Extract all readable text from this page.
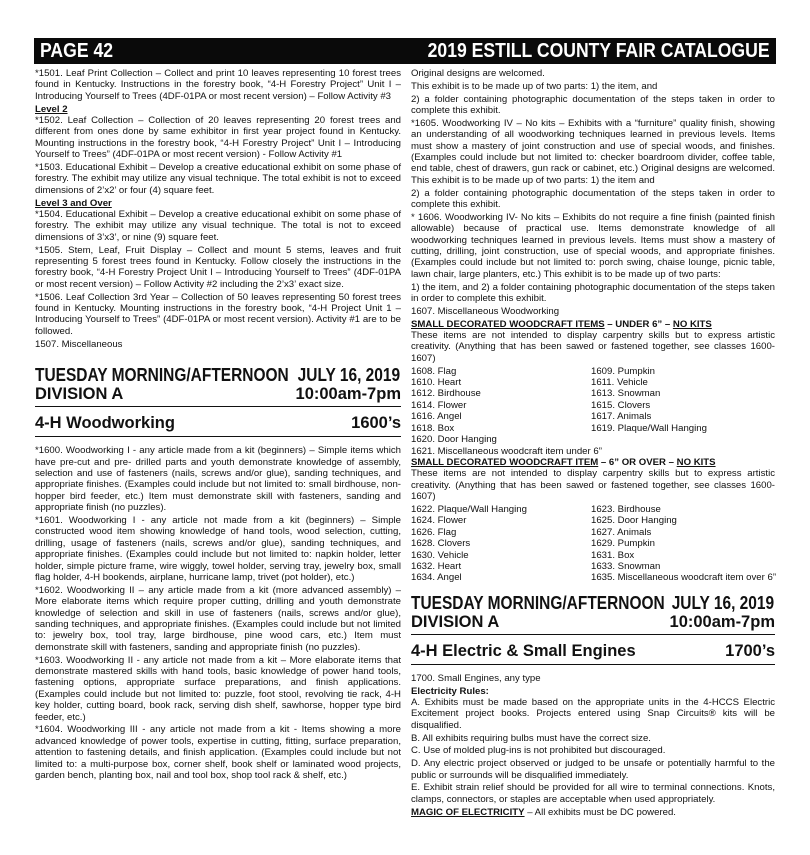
PAGE 42	2019 ESTILL COUNTY FAIR CATALOGUE

*1501. Leaf Print Collection – Collect and print 10 leaves representing 10 forest trees found in Kentucky. Instructions in the forestry book, “4-H Forestry Project” Unit I – Introducing Yourself to Trees (4DF-01PA or most recent version) – Follow Activity #3

Level 2

*1502. Leaf Collection – Collection of 20 leaves representing 20 forest trees and different from ones done by same exhibitor in first year project found in Kentucky. Mounting instructions in the forestry book, “4-H Forestry Project” Unit I – Introducing Yourself to Trees” (4DF-01PA or most recent version) - Follow Activity #1

*1503. Educational Exhibit – Develop a creative educational exhibit on some phase of forestry. The exhibit may utilize any visual technique. The total exhibit is not to exceed dimensions of 2’x2’ or four (4) square feet.

Level 3 and Over

*1504. Educational Exhibit – Develop a creative educational exhibit on some phase of forestry. The exhibit may utilize any visual technique. The total is not to exceed dimensions of 3’x3’, or nine (9) square feet.

*1505. Stem, Leaf, Fruit Display – Collect and mount 5 stems, leaves and fruit representing 5 forest trees found in Kentucky. Follow closely the instructions in the forestry book, “4-H Forestry Project Unit I – Introducing Yourself to Trees” (4DF-01PA or most recent version) – Follow Activity #2 including the 2’x3’ exact size.

*1506. Leaf Collection 3rd Year – Collection of 50 leaves representing 50 forest trees found in Kentucky. Mounting instructions in the forestry book, “4-H Project Unit 1 – Introducing Yourself to Trees” (4DF-01PA or most recent version). Activity #1 are to be followed.

1507. Miscellaneous

TUESDAY MORNING/AFTERNOON JULY 16, 2019
DIVISION A	10:00am-7pm
4-H Woodworking	1600’s

*1600. Woodworking I - any article made from a kit (beginners) – Simple items which have pre-cut and pre- drilled parts and youth demonstrate knowledge of assembly, selection and use of fasteners (nails, screws and/or glue), sanding techniques, and appropriate finishes. (Examples could include but not limited to: small birdhouse, non-hopper bird feeder, etc.) Item must demonstrate skill with fasteners, sanding and appropriate finish (no puzzles).

*1601. Woodworking I - any article not made from a kit (beginners) – Simple constructed wood item showing knowledge of hand tools, wood selection, cutting, drilling, usage of fasteners (nails, screws and/or glue), sanding techniques, and appropriate finishes. (Examples could include but not limited to: napkin holder, letter holder, simple picture frame, wire wiggly, towel holder, serving tray, jewelry box, small flag holder, 4-H bookends, airplane, hurricane lamp, trivet (pot holder), etc.)

*1602. Woodworking II – any article made from a kit (more advanced assembly) – More elaborate items which require proper cutting, drilling and youth demonstrate knowledge of selection and skill in use of fasteners (nails, screws and/or glue), sanding techniques, and appropriate finishes. (Examples could include but not limited to: jewelry box, tool tray, large birdhouse, pine wood cars, etc.) Item must demonstrate skill with fasteners, sanding and appropriate finish (no puzzles).

*1603. Woodworking II - any article not made from a kit – More elaborate items that demonstrate mastered skills with hand tools, basic knowledge of power hand tools, fastening options, appropriate surface preparations, and finish applications. (Examples could include but not limited to: puzzle, foot stool, revolving tie rack, 4-H key holder, cutting board, book rack, serving dish shelf, sawhorse, hopper type bird feeder, etc.)

*1604. Woodworking III - any article not made from a kit - Items showing a more advanced knowledge of power tools, expertise in cutting, fitting, surface preparation, attention to fastening details, and finish application. (Examples could include but not limited to: a multi-purpose box, corner shelf, book shelf or laminated wood projects, garden bench, planting box, nail and tool box, shop tool rack & shelf, etc.)

Original designs are welcomed.

This exhibit is to be made up of two parts: 1) the item, and

2) a folder containing photographic documentation of the steps taken in order to complete this exhibit.

*1605. Woodworking IV – No kits – Exhibits with a “furniture” quality finish, showing an understanding of all woodworking techniques learned in previous levels. Items must show a mastery of joint construction and use of special woods, and finishes. (Examples could include but not limited to: checker boardroom divider, coffee table, end table, chest of drawers, gun rack or cabinet, etc.) Original designs are welcomed. This exhibit is to be made up of two parts: 1) the item and

2) a folder containing photographic documentation of the steps taken in order to complete this exhibit.

* 1606. Woodworking IV- No kits – Exhibits do not require a fine finish (painted finish allowable) because of practical use. Items demonstrate knowledge of all woodworking techniques learned in previous levels. Items must show a mastery of cutting, drilling, joint construction, use of special woods, and appropriate finishes. (Examples could include but not limited to: porch swing, chaise lounge, picnic table, lawn chair, large planters, etc.) This exhibit is to be made up of two parts:

1) the item, and 2) a folder containing photographic documentation of the steps taken in order to complete this exhibit.

1607. Miscellaneous Woodworking

SMALL DECORATED WOODCRAFT ITEMS – UNDER 6” – NO KITS

These items are not intended to display carpentry skills but to express artistic creativity. (Anything that has been sawed or fastened together, see classes 1600-1607)

1608. Flag	1609. Pumpkin
1610. Heart	1611. Vehicle
1612. Birdhouse	1613. Snowman
1614. Flower	1615. Clovers
1616. Angel	1617. Animals
1618. Box	1619. Plaque/Wall Hanging

1620. Door Hanging

1621. Miscellaneous woodcraft item under 6”

SMALL DECORATED WOODCRAFT ITEM – 6” OR OVER – NO KITS

These items are not intended to display carpentry skills but to express artistic creativity. (Anything that has been sawed or fastened together, see classes 1600-1607)

1622. Plaque/Wall Hanging	1623. Birdhouse
1624. Flower	1625. Door Hanging
1626. Flag	1627. Animals
1628. Clovers	1629. Pumpkin
1630. Vehicle	1631. Box
1632. Heart	1633. Snowman
1634. Angel	1635. Miscellaneous woodcraft item over 6”
TUESDAY MORNING/AFTERNOON JULY 16, 2019
DIVISION A	10:00am-7pm
4-H Electric & Small Engines	1700’s

1700. Small Engines, any type

Electricity Rules:

A. Exhibits must be made based on the appropriate units in the 4-HCCS Electric Excitement project books. Projects entered using Snap Circuits® kits will be disqualified.

B. All exhibits requiring bulbs must have the correct size.

C. Use of molded plug-ins is not prohibited but discouraged.

D. Any electric project observed or judged to be unsafe or potentially harmful to the public or surrounds will be disqualified immediately.

E. Exhibit strain relief should be provided for all wire to terminal connections. Knots, clamps, connectors, or staples are acceptable when used appropriately.

MAGIC OF ELECTRICITY – All exhibits must be DC powered.
